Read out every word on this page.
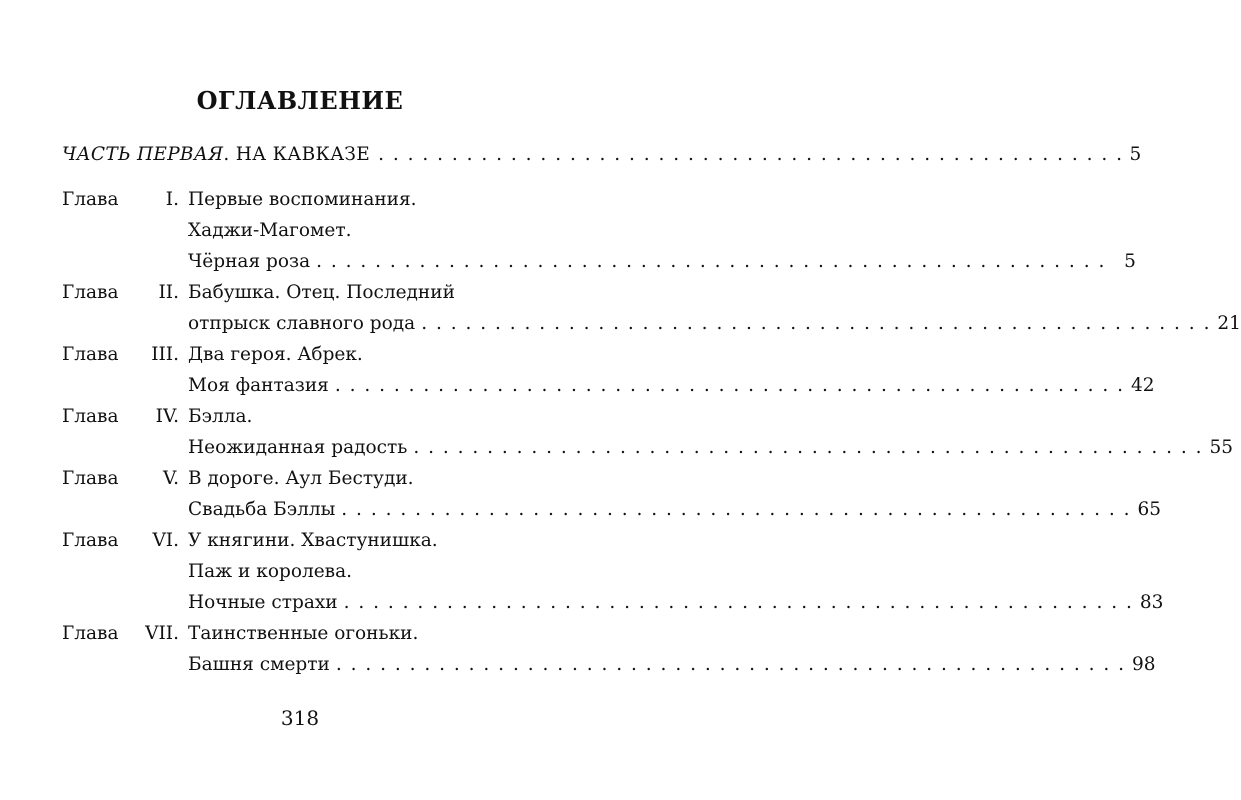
ОГЛАВЛЕНИЕ
ЧАСТЬ ПЕРВАЯ . НА КАВКАЗЕ . . . . . . . . . . . . . . . . . . . . . . . . . . . . . . . . . . . . . . . . . . . . . . . . . . . 5
Глава	I. Первые воспоминания.
Хаджи-Магомет.
Чёрная роза . . . . . . . . . . . . . . . . . . . . . . . . . . . . . . . . . . . . . . . . . . . . . . . . . . . . . . 5
Глава	II. Бабушка. Отец. Последний
отпрыск славного рода . . . . . . . . . . . . . . . . . . . . . . . . . . . . . . . . . . . . . . . . . . . . . . . . . . . . . . 21
Глава	III. Два героя. Абрек.
Моя фантазия . . . . . . . . . . . . . . . . . . . . . . . . . . . . . . . . . . . . . . . . . . . . . . . . . . . . . . 42
Глава	IV. Бэлла.
Неожиданная радость . . . . . . . . . . . . . . . . . . . . . . . . . . . . . . . . . . . . . . . . . . . . . . . . . . . . . . 55
Глава	V. В дороге. Аул Бестуди.
Свадьба Бэллы . . . . . . . . . . . . . . . . . . . . . . . . . . . . . . . . . . . . . . . . . . . . . . . . . . . . . . 65
Глава	VI. У княгини. Хвастунишка.
Паж и королева.
Ночные страхи . . . . . . . . . . . . . . . . . . . . . . . . . . . . . . . . . . . . . . . . . . . . . . . . . . . . . . 83
Глава	VII. Таинственные огоньки.
Башня смерти . . . . . . . . . . . . . . . . . . . . . . . . . . . . . . . . . . . . . . . . . . . . . . . . . . . . . . 98
318
